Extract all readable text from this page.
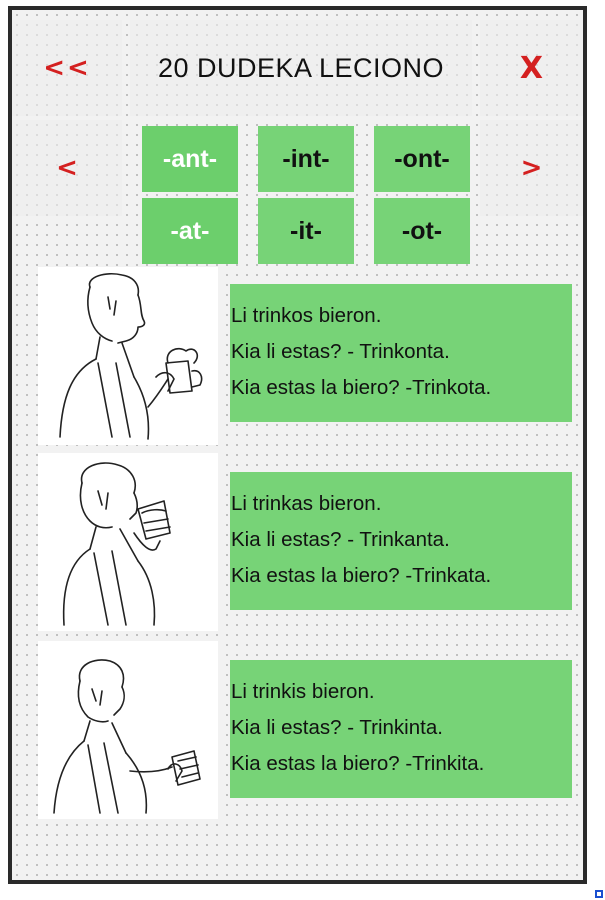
<<	20 DUDEKA LECIONO	X
<	>
-ant-	-int-	-ont-
-at-	-it-	-ot-
Li trinkos bieron.
Kia li estas? - Trinkonta.
Kia estas la biero? -Trinkota.
Li trinkas bieron.
Kia li estas? - Trinkanta.
Kia estas la biero? -Trinkata.
Li trinkis bieron.
Kia li estas? - Trinkinta.
Kia estas la biero? -Trinkita.
